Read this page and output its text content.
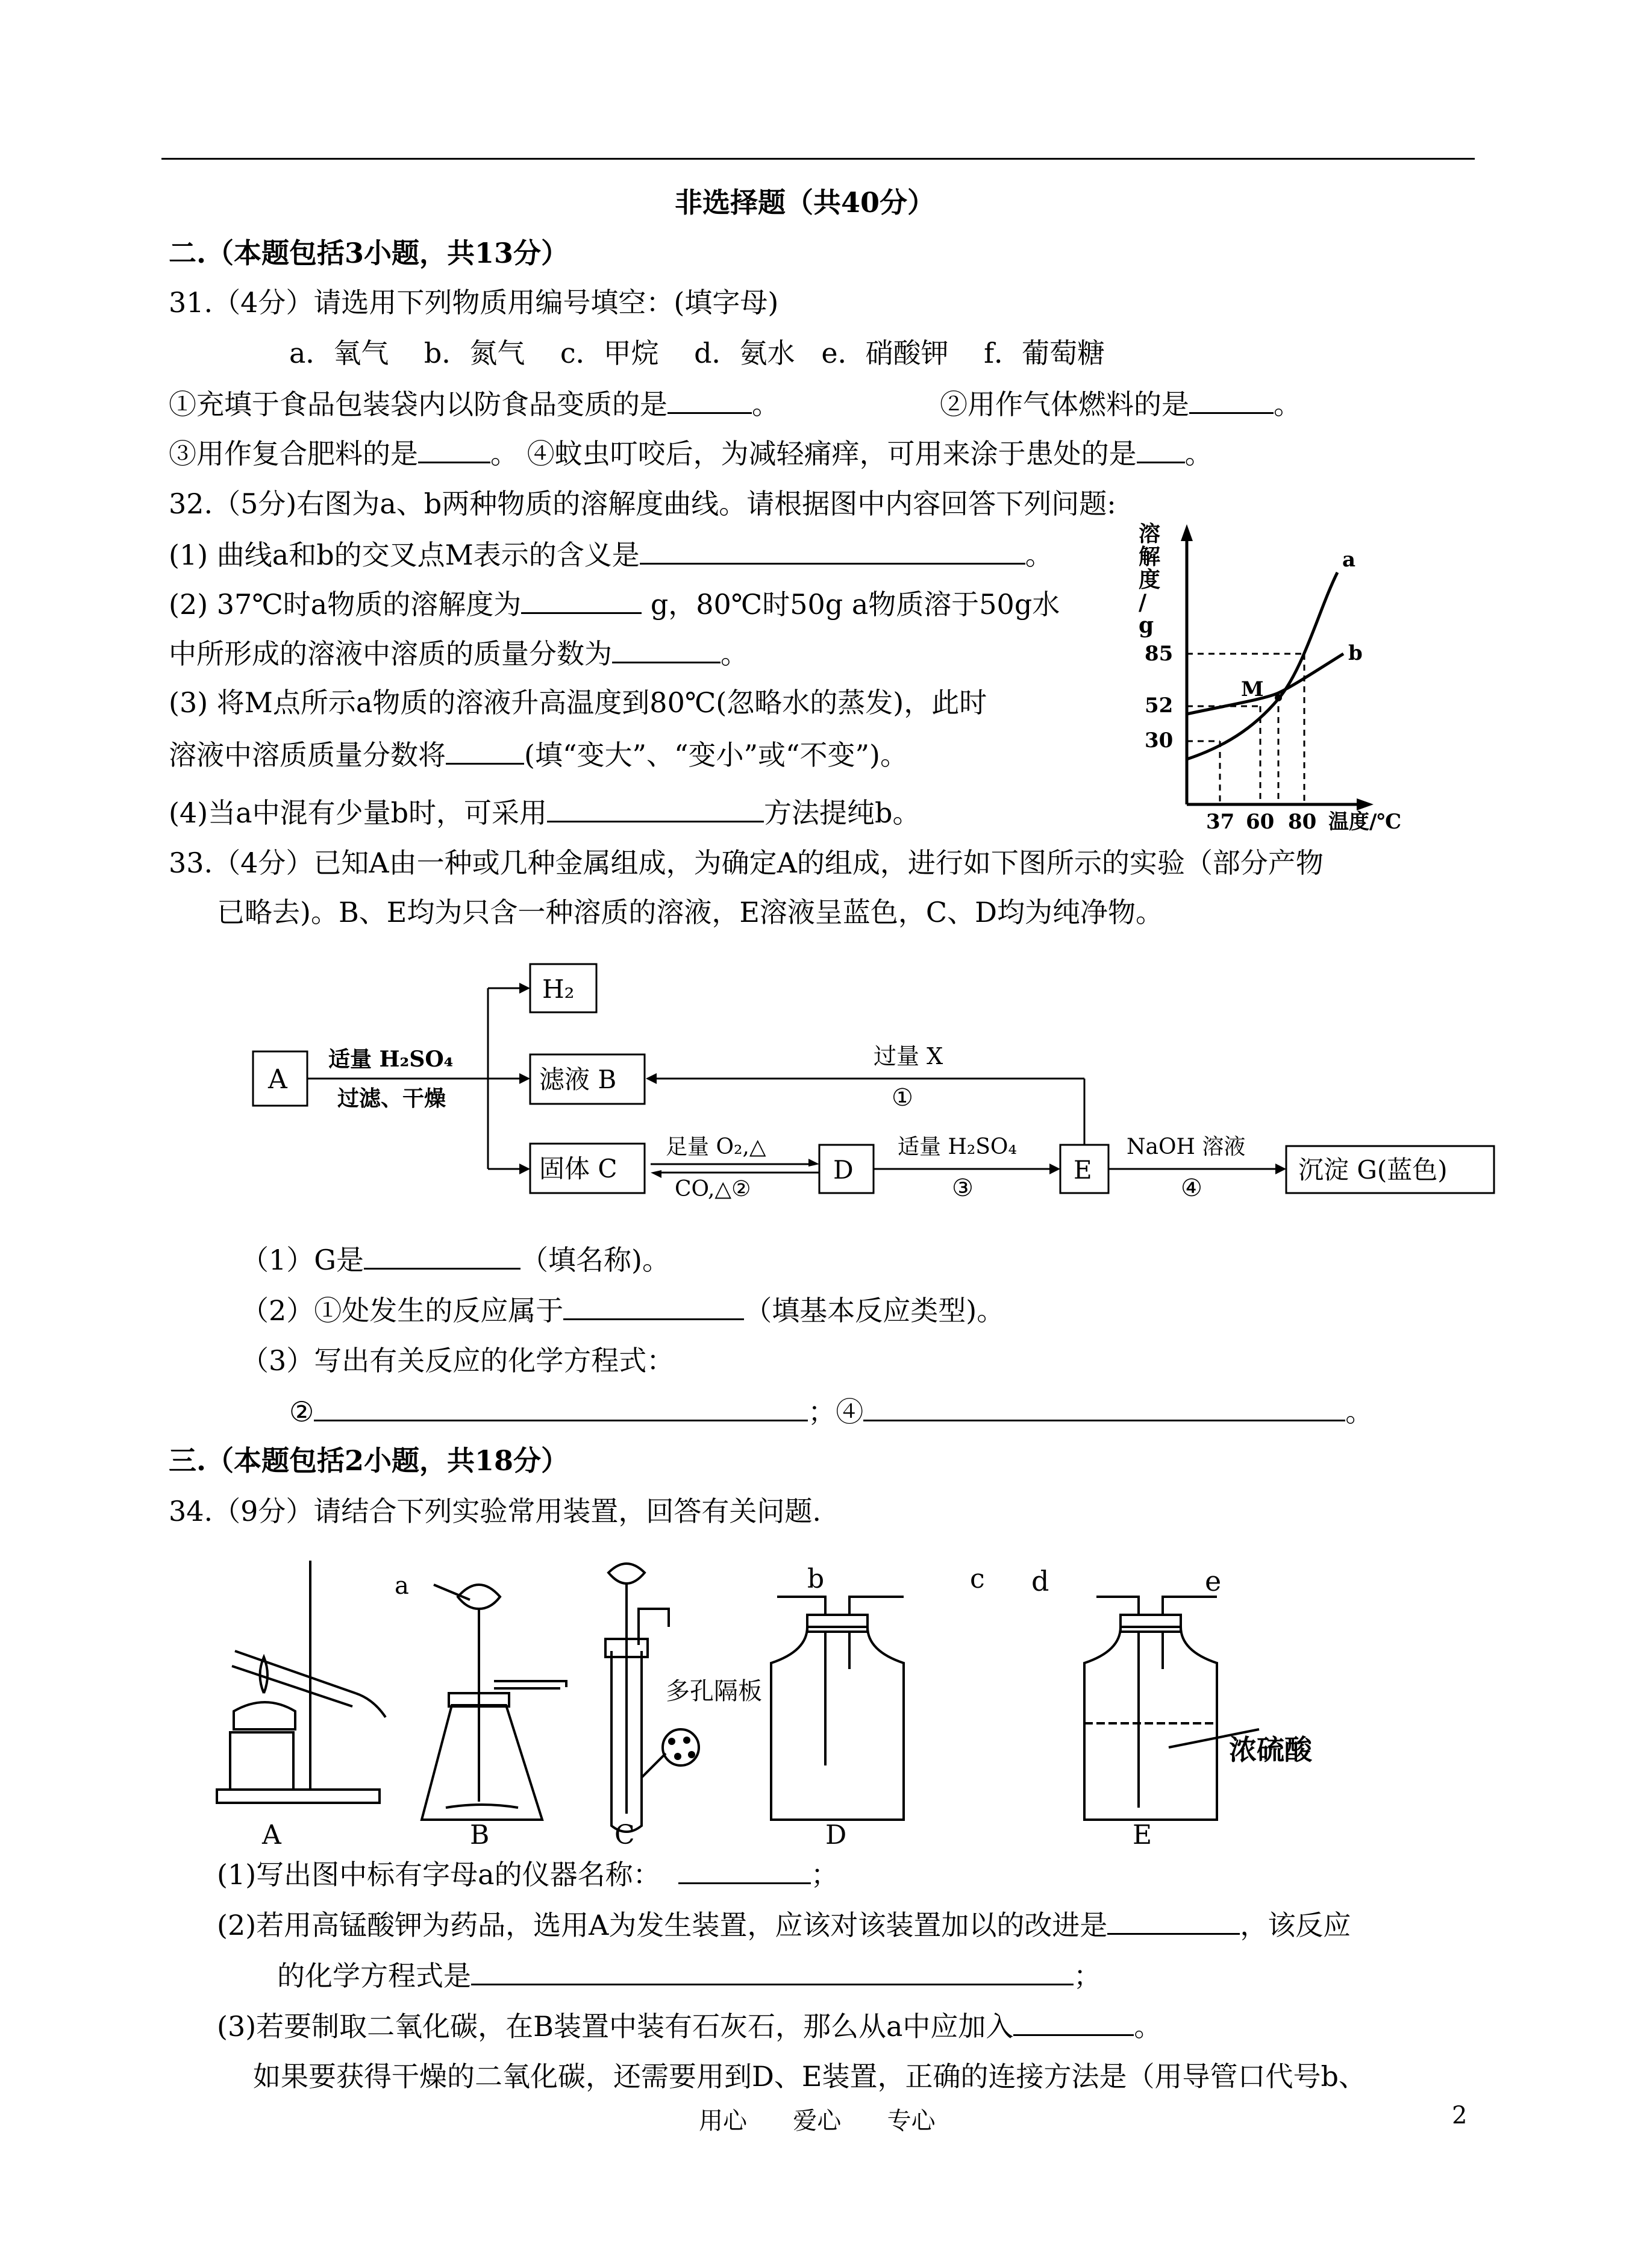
非选择题（共40分）
二.（本题包括3小题，共13分）
31.（4分）请选用下列物质用编号填空：(填字母)
a．氧气    b．氮气    c．甲烷    d．氨水   e．硝酸钾    f．葡萄糖
①充填于食品包装袋内以防食品变质的是	。	②用作气体燃料的是	。
③用作复合肥料的是	。 ④蚊虫叮咬后，为减轻痛痒，可用来涂于患处的是 。
32.（5分)右图为a、b两种物质的溶解度曲线。请根据图中内容回答下列问题:
(1) 曲线a和b的交叉点M表示的含义是	。
(2) 37℃时a物质的溶解度为	g，80℃时50g a物质溶于50g水
中所形成的溶液中溶质的质量分数为	。
(3) 将M点所示a物质的溶液升高温度到80℃(忽略水的蒸发)，此时
溶液中溶质质量分数将	(填“变大”、“变小”或“不变”)。
(4)当a中混有少量b时，可采用	方法提纯b。
溶解度/ g
a
b
M
85
52
30
37 60 80 温度/℃
33.（4分）已知A由一种或几种金属组成，为确定A的组成，进行如下图所示的实验（部分产物
已略去)。B、E均为只含一种溶质的溶液，E溶液呈蓝色，C、D均为纯净物。
A
H₂
滤液 B
固体 C	D	E	沉淀 G(蓝色)
适量 H₂SO₄
过滤、干燥
过量 X
①
足量 O₂,△
CO,△②
适量 H₂SO₄
③
NaOH 溶液
④
（1）G是	（填名称)。
（2）①处发生的反应属于	（填基本反应类型)。
（3）写出有关反应的化学方程式：
②	；④	。
三.（本题包括2小题，共18分）
34.（9分）请结合下列实验常用装置，回答有关问题.
A	B	C	D	E
a	b	c d	e
多孔隔板
浓硫酸
(1)写出图中标有字母a的仪器名称：	；
(2)若用高锰酸钾为药品，选用A为发生装置，应该对该装置加以的改进是	，该反应
的化学方程式是	；
(3)若要制取二氧化碳，在B装置中装有石灰石，那么从a中应加入	。
如果要获得干燥的二氧化碳，还需要用到D、E装置，正确的连接方法是（用导管口代号b、
用心      爱心      专心	2
